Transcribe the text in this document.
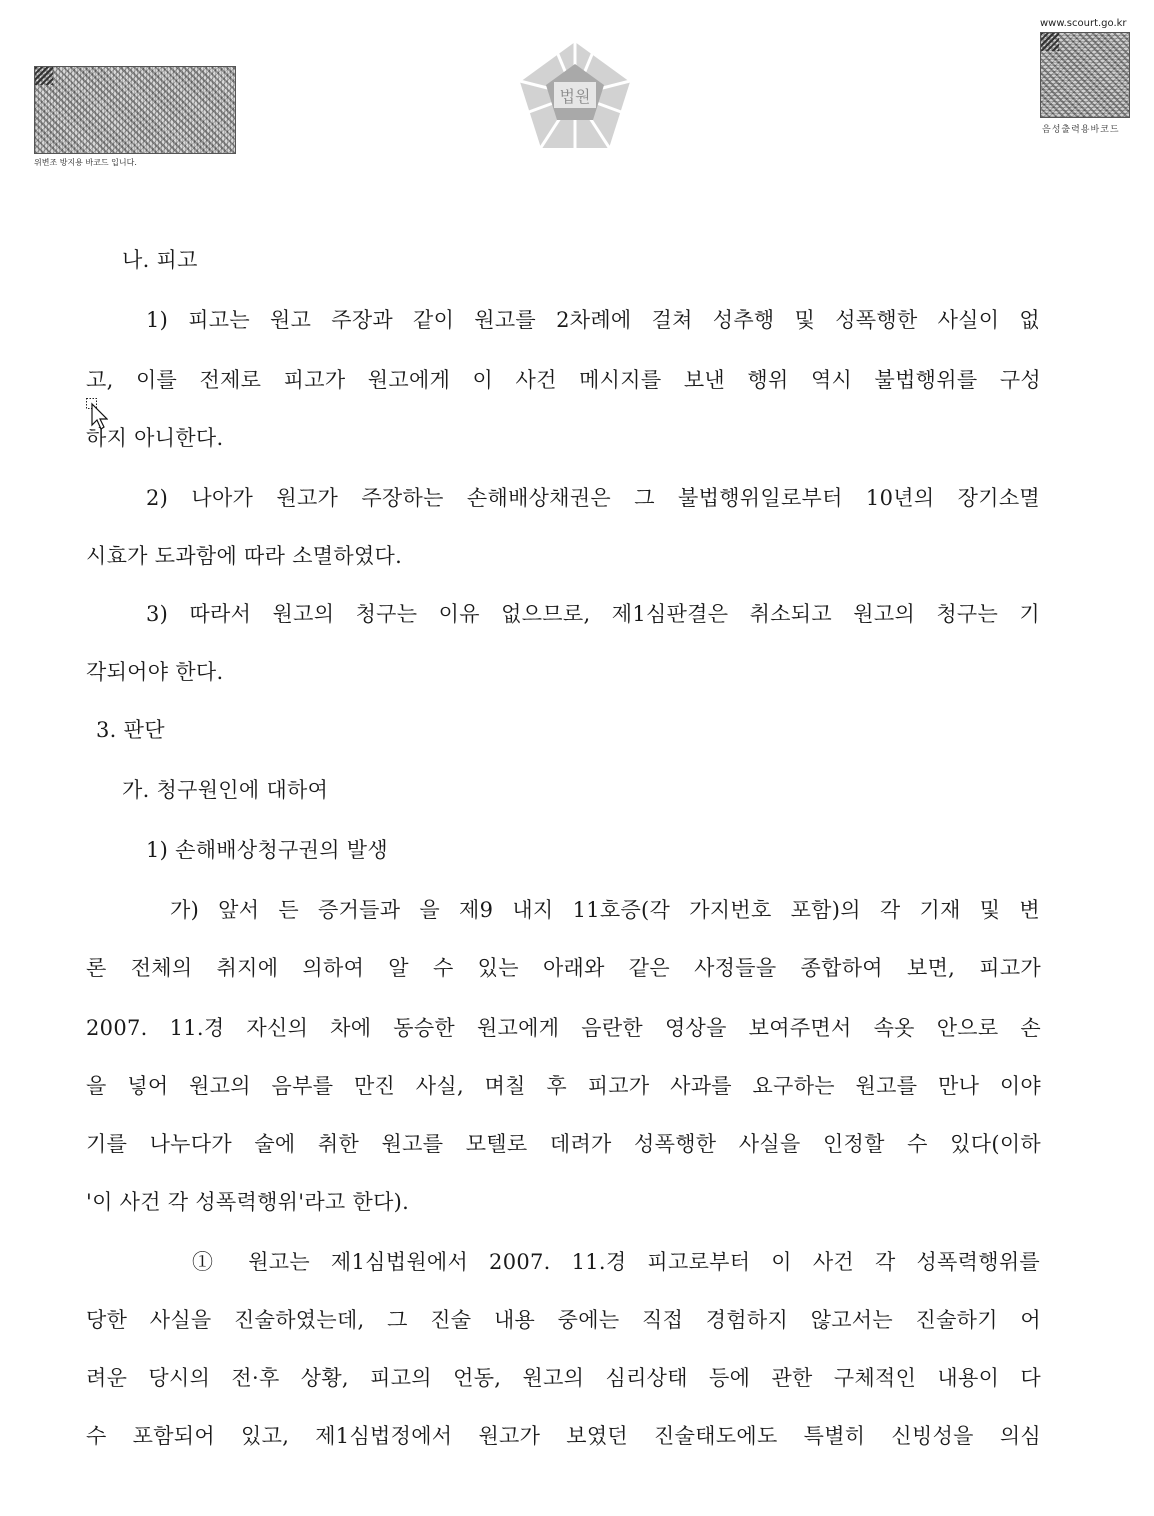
위변조 방지용 바코드 입니다.
법원
www.scourt.go.kr
음성출력용바코드
나. 피고
1) 피고는 원고 주장과 같이 원고를 2차례에 걸쳐 성추행 및 성폭행한 사실이 없
고, 이를 전제로 피고가 원고에게 이 사건 메시지를 보낸 행위 역시 불법행위를 구성
하지 아니한다.
2) 나아가 원고가 주장하는 손해배상채권은 그 불법행위일로부터 10년의 장기소멸
시효가 도과함에 따라 소멸하였다.
3) 따라서 원고의 청구는 이유 없으므로, 제1심판결은 취소되고 원고의 청구는 기
각되어야 한다.
3. 판단
가. 청구원인에 대하여
1) 손해배상청구권의 발생
가) 앞서 든 증거들과 을 제9 내지 11호증(각 가지번호 포함)의 각 기재 및 변
론 전체의 취지에 의하여 알 수 있는 아래와 같은 사정들을 종합하여 보면, 피고가
2007. 11.경 자신의 차에 동승한 원고에게 음란한 영상을 보여주면서 속옷 안으로 손
을 넣어 원고의 음부를 만진 사실, 며칠 후 피고가 사과를 요구하는 원고를 만나 이야
기를 나누다가 술에 취한 원고를 모텔로 데려가 성폭행한 사실을 인정할 수 있다(이하
'이 사건 각 성폭력행위'라고 한다).
① 원고는 제1심법원에서 2007. 11.경 피고로부터 이 사건 각 성폭력행위를
당한 사실을 진술하였는데, 그 진술 내용 중에는 직접 경험하지 않고서는 진술하기 어
려운 당시의 전·후 상황, 피고의 언동, 원고의 심리상태 등에 관한 구체적인 내용이 다
수 포함되어 있고, 제1심법정에서 원고가 보였던 진술태도에도 특별히 신빙성을 의심
